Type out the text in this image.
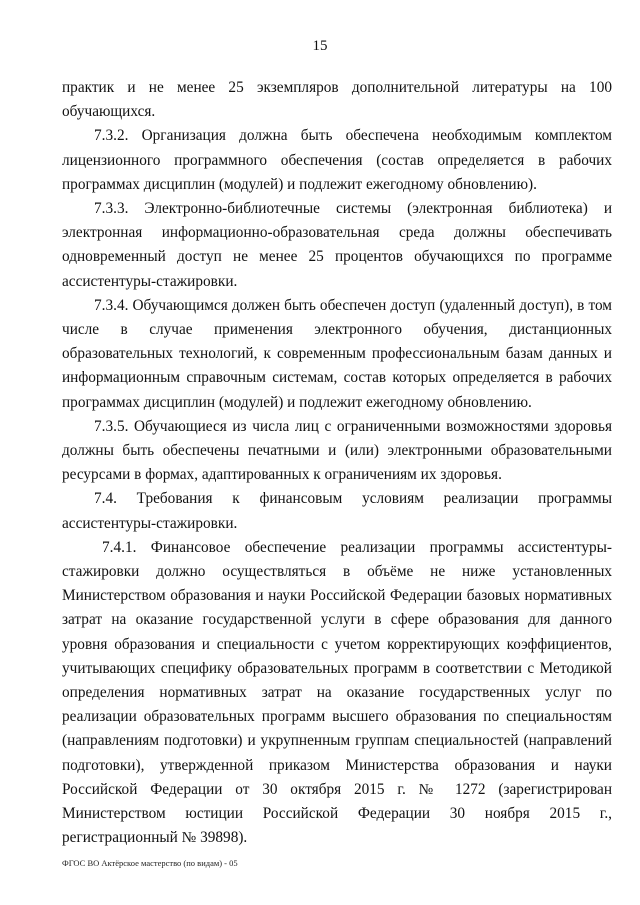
15

практик и не менее 25 экземпляров дополнительной литературы на 100 обучающихся.

7.3.2. Организация должна быть обеспечена необходимым комплектом лицензионного программного обеспечения (состав определяется в рабочих программах дисциплин (модулей) и подлежит ежегодному обновлению).

7.3.3. Электронно-библиотечные системы (электронная библиотека) и электронная информационно-образовательная среда должны обеспечивать одновременный доступ не менее 25 процентов обучающихся по программе ассистентуры-стажировки.

7.3.4. Обучающимся должен быть обеспечен доступ (удаленный доступ), в том числе в случае применения электронного обучения, дистанционных образовательных технологий, к современным профессиональным базам данных и информационным справочным системам, состав которых определяется в рабочих программах дисциплин (модулей) и подлежит ежегодному обновлению.

7.3.5. Обучающиеся из числа лиц с ограниченными возможностями здоровья должны быть обеспечены печатными и (или) электронными образовательными ресурсами в формах, адаптированных к ограничениям их здоровья.

7.4. Требования к финансовым условиям реализации программы ассистентуры-стажировки.

7.4.1. Финансовое обеспечение реализации программы ассистентуры-стажировки должно осуществляться в объёме не ниже установленных Министерством образования и науки Российской Федерации базовых нормативных затрат на оказание государственной услуги в сфере образования для данного уровня образования и специальности с учетом корректирующих коэффициентов, учитывающих специфику образовательных программ в соответствии с Методикой определения нормативных затрат на оказание государственных услуг по реализации образовательных программ высшего образования по специальностям (направлениям подготовки) и укрупненным группам специальностей (направлений подготовки), утвержденной приказом Министерства образования и науки Российской Федерации от 30 октября 2015 г. № 1272 (зарегистрирован Министерством юстиции Российской Федерации 30 ноября 2015 г., регистрационный № 39898).

ФГОС ВО Актёрское мастерство (по видам) - 05
